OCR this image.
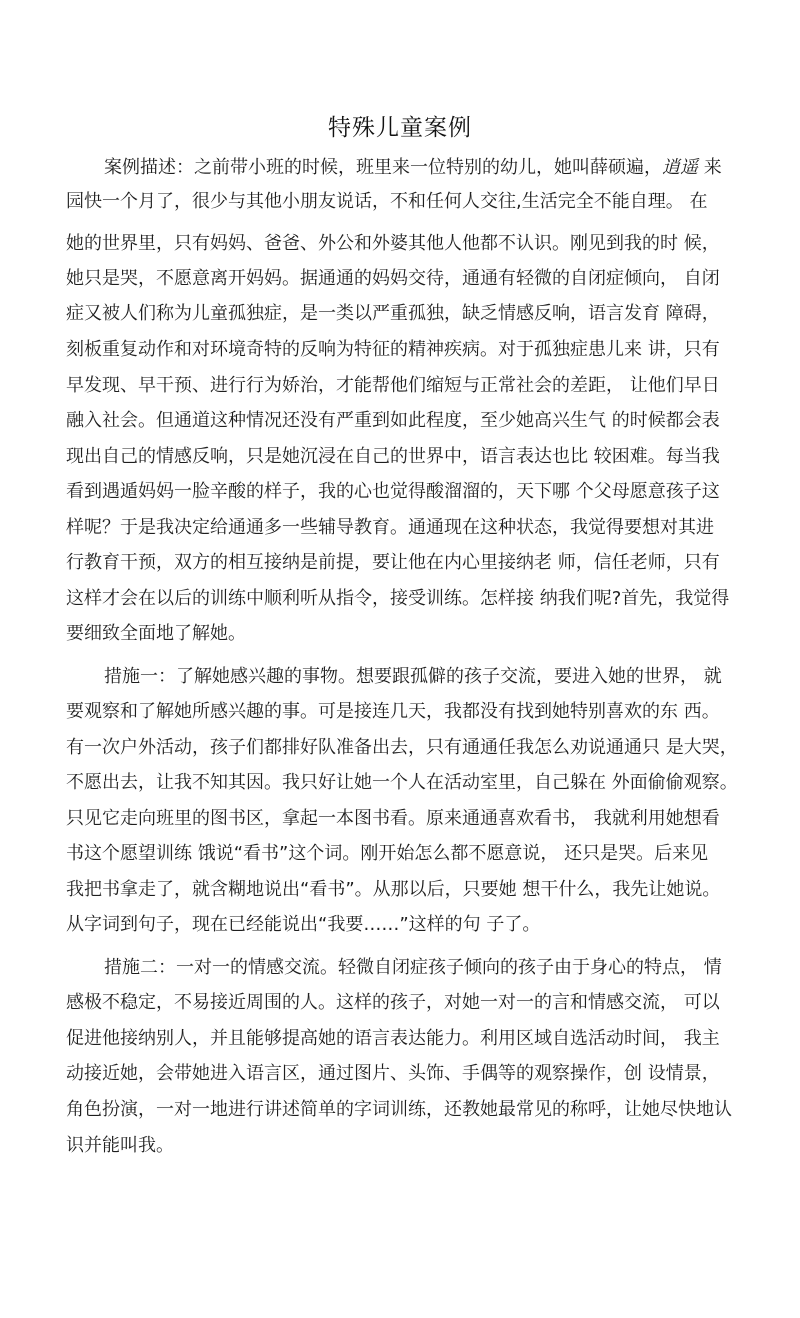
特殊儿童案例
案例描述：之前带小班的时候，班里来一位特别的幼儿，她叫薛硕遍，逍遥 来
园快一个月了，很少与其他小朋友说话，不和任何人交往,生活完全不能自理。 在
她的世界里，只有妈妈、爸爸、外公和外婆其他人他都不认识。刚见到我的时 候，
她只是哭，不愿意离开妈妈。据通通的妈妈交待，通通有轻微的自闭症倾向， 自闭
症又被人们称为儿童孤独症，是一类以严重孤独，缺乏情感反响，语言发育 障碍，
刻板重复动作和对环境奇特的反响为特征的精神疾病。对于孤独症患儿来 讲，只有
早发现、早干预、进行行为娇治，才能帮他们缩短与正常社会的差距， 让他们早日
融入社会。但通道这种情况还没有严重到如此程度，至少她高兴生气 的时候都会表
现出自己的情感反响，只是她沉浸在自己的世界中，语言表达也比 较困难。每当我
看到遇遁妈妈一脸辛酸的样子，我的心也觉得酸溜溜的，天下哪 个父母愿意孩子这
样呢？于是我决定给通通多一些辅导教育。通通现在这种状态，我觉得要想对其进
行教育干预，双方的相互接纳是前提，要让他在内心里接纳老 师，信任老师，只有
这样才会在以后的训练中顺利听从指令，接受训练。怎样接 纳我们呢?首先，我觉得
要细致全面地了解她。
措施一：了解她感兴趣的事物。想要跟孤僻的孩子交流，要进入她的世界， 就
要观察和了解她所感兴趣的事。可是接连几天，我都没有找到她特别喜欢的东 西。
有一次户外活动，孩子们都排好队准备出去，只有通通任我怎么劝说通通只 是大哭，
不愿出去，让我不知其因。我只好让她一个人在活动室里，自己躲在 外面偷偷观察。
只见它走向班里的图书区，拿起一本图书看。原来通通喜欢看书， 我就利用她想看
书这个愿望训练 饿说“看书”这个词。刚开始怎么都不愿意说， 还只是哭。后来见
我把书拿走了，就含糊地说出“看书”。从那以后，只要她 想干什么，我先让她说。
从字词到句子，现在已经能说出“我要……”这样的句 子了。
措施二：一对一的情感交流。轻微自闭症孩子倾向的孩子由于身心的特点， 情
感极不稳定，不易接近周围的人。这样的孩子，对她一对一的言和情感交流， 可以
促进他接纳别人，并且能够提高她的语言表达能力。利用区域自选活动时间， 我主
动接近她，会带她进入语言区，通过图片、头饰、手偶等的观察操作，创 设情景，
角色扮演，一对一地进行讲述简单的字词训练，还教她最常见的称呼，让她尽快地认
识并能叫我。
